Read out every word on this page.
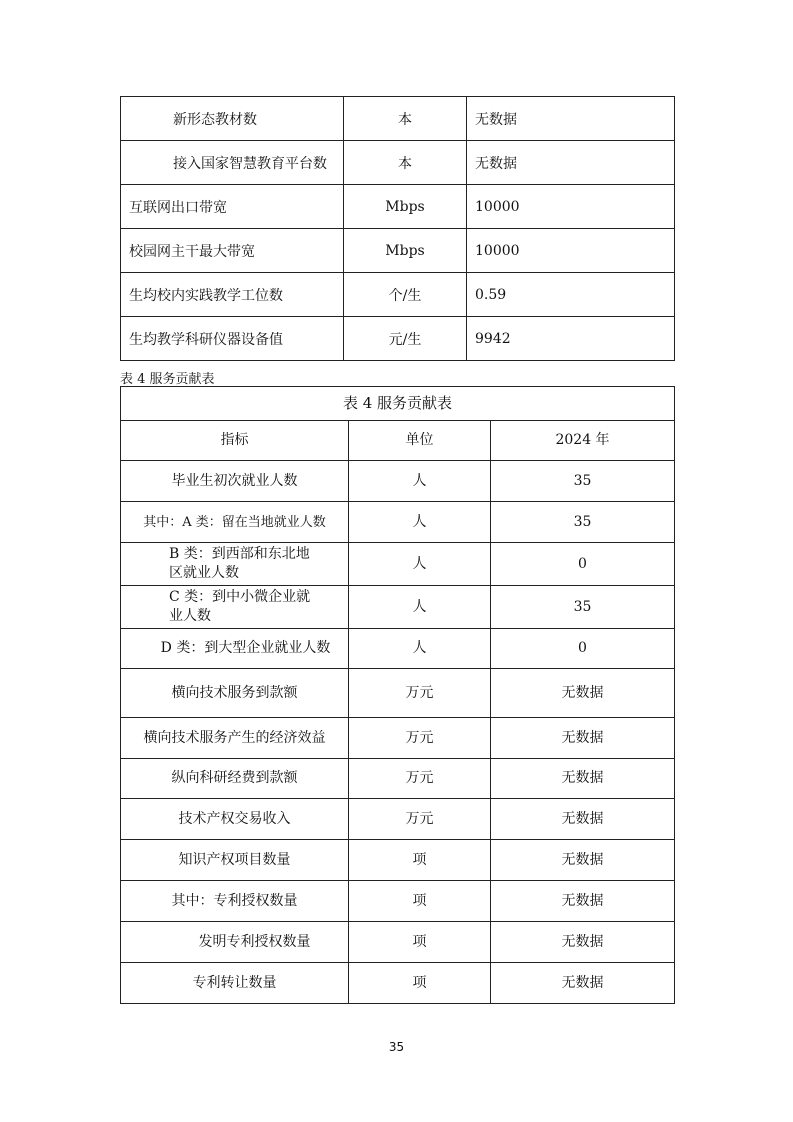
新形态教材数	本	无数据
接入国家智慧教育平台数	本	无数据
互联网出口带宽	Mbps	10000
校园网主干最大带宽	Mbps	10000
生均校内实践教学工位数	个/生	0.59
生均教学科研仪器设备值	元/生	9942
表 4 服务贡献表
表 4 服务贡献表		
指标	单位	2024 年
毕业生初次就业人数	人	35
其中：A 类：留在当地就业人数	人	35
B 类：到西部和东北地区就业人数	人	0
C 类：到中小微企业就业人数	人	35
D 类：到大型企业就业人数	人	0
横向技术服务到款额	万元	无数据
横向技术服务产生的经济效益	万元	无数据
纵向科研经费到款额	万元	无数据
技术产权交易收入	万元	无数据
知识产权项目数量	项	无数据
其中：专利授权数量	项	无数据
发明专利授权数量	项	无数据
专利转让数量	项	无数据
35
